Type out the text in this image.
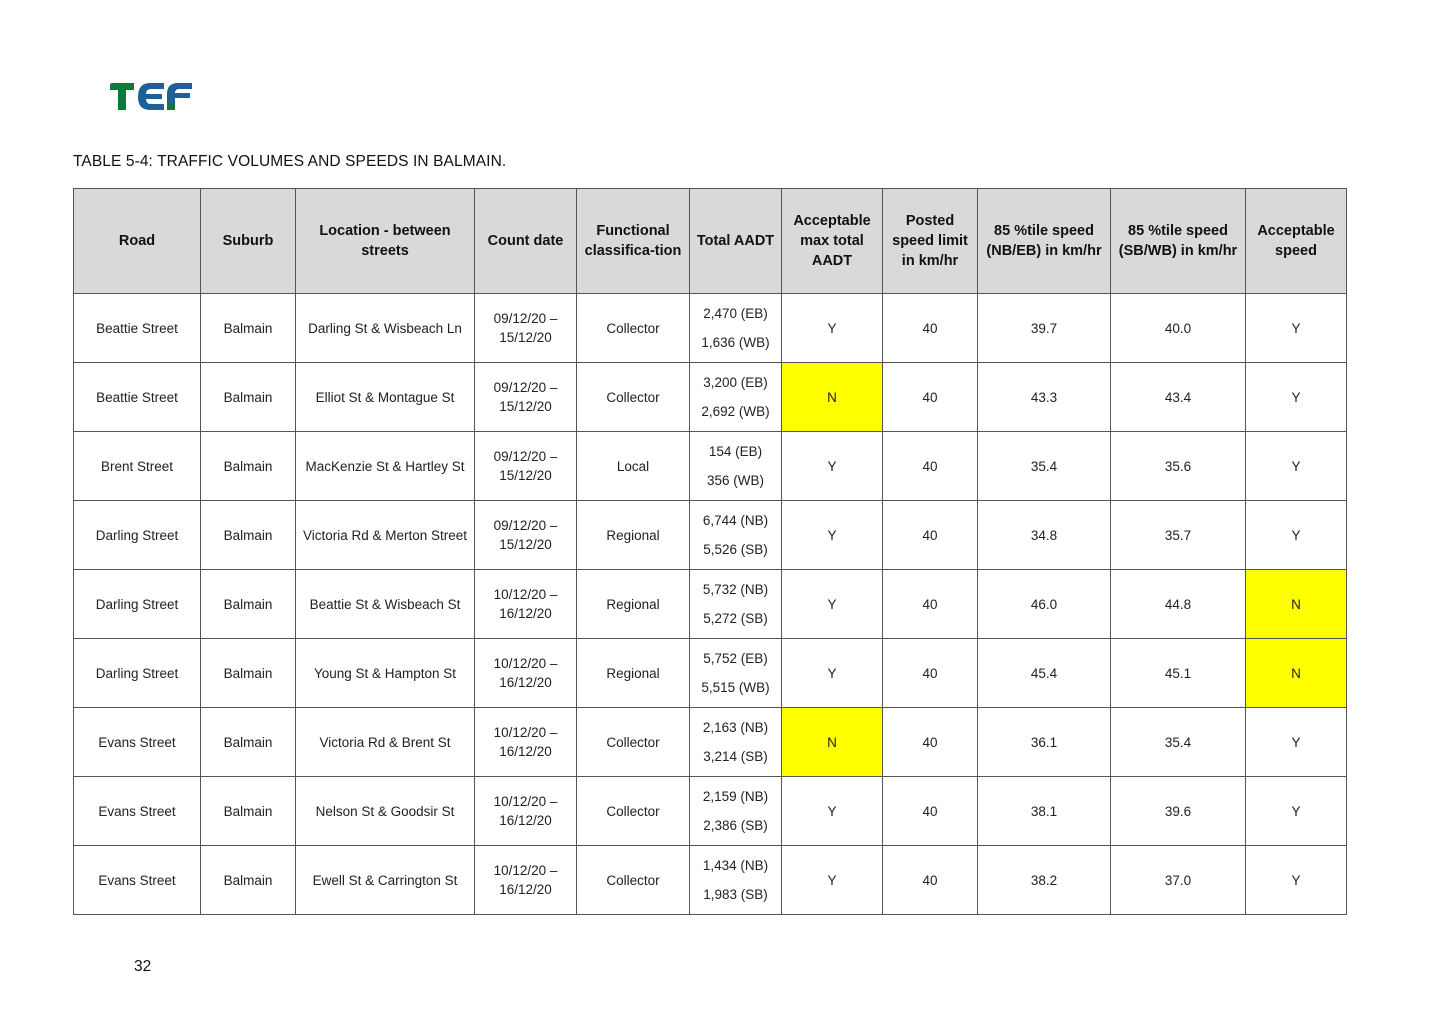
TABLE 5-4: TRAFFIC VOLUMES AND SPEEDS IN BALMAIN.
Road	Suburb	Location - between streets	Count date	Functional classifica-tion	Total AADT	Acceptable max total AADT	Posted speed limit in km/hr	85 %tile speed (NB/EB) in km/hr	85 %tile speed (SB/WB) in km/hr	Acceptable speed
Beattie Street	Balmain	Darling St & Wisbeach Ln	09/12/20 – 15/12/20	Collector	2,470 (EB)
1,636 (WB)	Y	40	39.7	40.0	Y
Beattie Street	Balmain	Elliot St & Montague St	09/12/20 – 15/12/20	Collector	3,200 (EB)
2,692 (WB)	N	40	43.3	43.4	Y
Brent Street	Balmain	MacKenzie St & Hartley St	09/12/20 – 15/12/20	Local	154 (EB)
356 (WB)	Y	40	35.4	35.6	Y
Darling Street	Balmain	Victoria Rd & Merton Street	09/12/20 – 15/12/20	Regional	6,744 (NB)
5,526 (SB)	Y	40	34.8	35.7	Y
Darling Street	Balmain	Beattie St & Wisbeach St	10/12/20 – 16/12/20	Regional	5,732 (NB)
5,272 (SB)	Y	40	46.0	44.8	N
Darling Street	Balmain	Young St & Hampton St	10/12/20 – 16/12/20	Regional	5,752 (EB)
5,515 (WB)	Y	40	45.4	45.1	N
Evans Street	Balmain	Victoria Rd & Brent St	10/12/20 – 16/12/20	Collector	2,163 (NB)
3,214 (SB)	N	40	36.1	35.4	Y
Evans Street	Balmain	Nelson St & Goodsir St	10/12/20 – 16/12/20	Collector	2,159 (NB)
2,386 (SB)	Y	40	38.1	39.6	Y
Evans Street	Balmain	Ewell St & Carrington St	10/12/20 – 16/12/20	Collector	1,434 (NB)
1,983 (SB)	Y	40	38.2	37.0	Y
32
